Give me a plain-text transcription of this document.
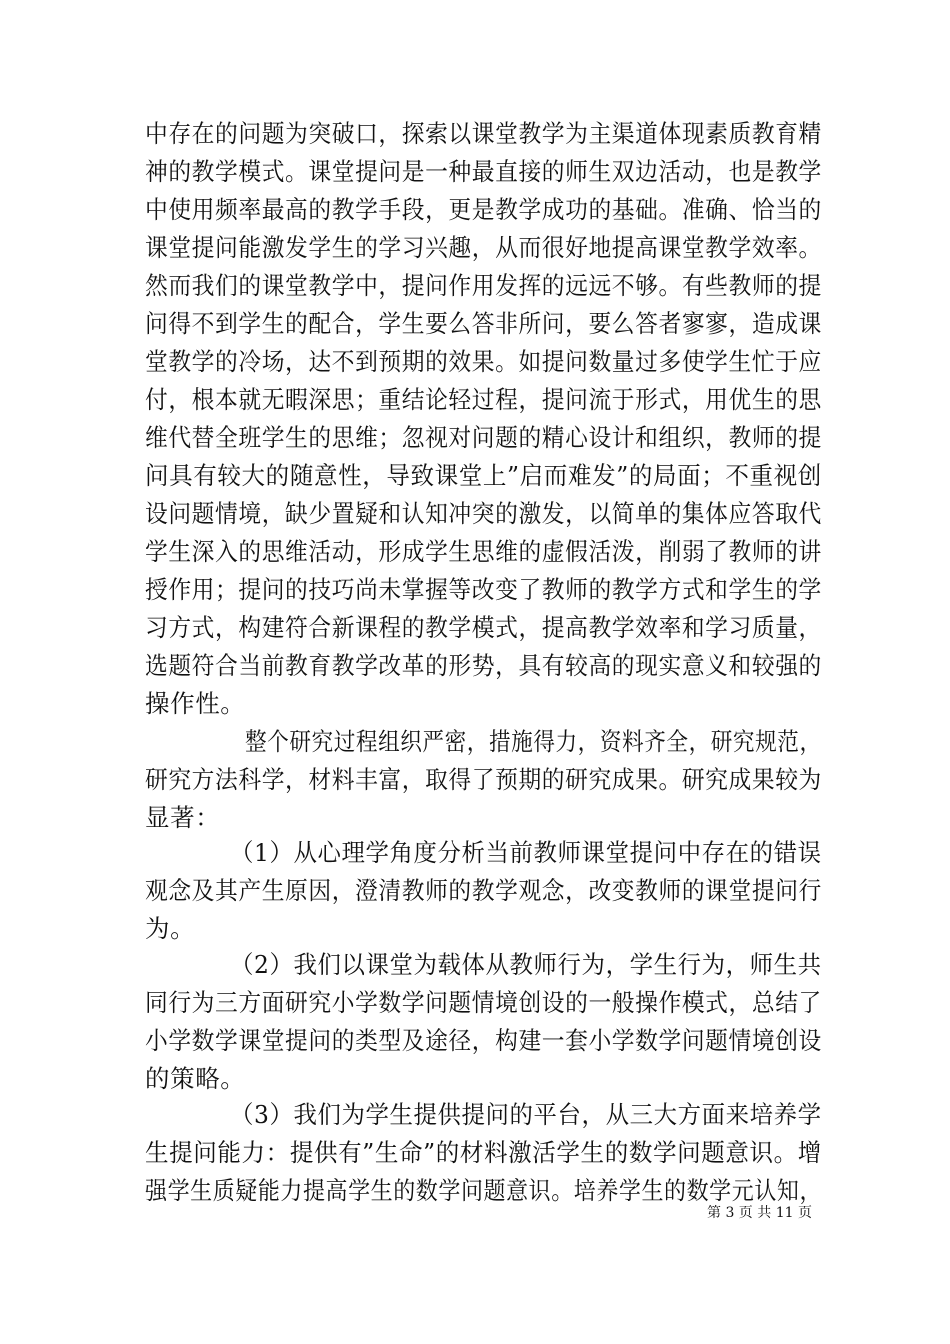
中存在的问题为突破口，探索以课堂教学为主渠道体现素质教育精
神的教学模式。课堂提问是一种最直接的师生双边活动，也是教学
中使用频率最高的教学手段，更是教学成功的基础。准确、恰当的
课堂提问能激发学生的学习兴趣，从而很好地提高课堂教学效率。
然而我们的课堂教学中，提问作用发挥的远远不够。有些教师的提
问得不到学生的配合，学生要么答非所问，要么答者寥寥，造成课
堂教学的冷场，达不到预期的效果。如提问数量过多使学生忙于应
付，根本就无暇深思；重结论轻过程，提问流于形式，用优生的思
维代替全班学生的思维；忽视对问题的精心设计和组织，教师的提
问具有较大的随意性，导致课堂上”启而难发”的局面；不重视创
设问题情境，缺少置疑和认知冲突的激发，以简单的集体应答取代
学生深入的思维活动，形成学生思维的虚假活泼，削弱了教师的讲
授作用；提问的技巧尚未掌握等改变了教师的教学方式和学生的学
习方式，构建符合新课程的教学模式，提高教学效率和学习质量，
选题符合当前教育教学改革的形势，具有较高的现实意义和较强的
操作性。
整个研究过程组织严密，措施得力，资料齐全，研究规范，
研究方法科学，材料丰富，取得了预期的研究成果。研究成果较为
显著：
（1）从心理学角度分析当前教师课堂提问中存在的错误
观念及其产生原因，澄清教师的教学观念，改变教师的课堂提问行
为。
（2）我们以课堂为载体从教师行为，学生行为，师生共
同行为三方面研究小学数学问题情境创设的一般操作模式，总结了
小学数学课堂提问的类型及途径，构建一套小学数学问题情境创设
的策略。
（3）我们为学生提供提问的平台，从三大方面来培养学
生提问能力：提供有”生命”的材料激活学生的数学问题意识。增
强学生质疑能力提高学生的数学问题意识。培养学生的数学元认知，
第 3 页 共 11 页
